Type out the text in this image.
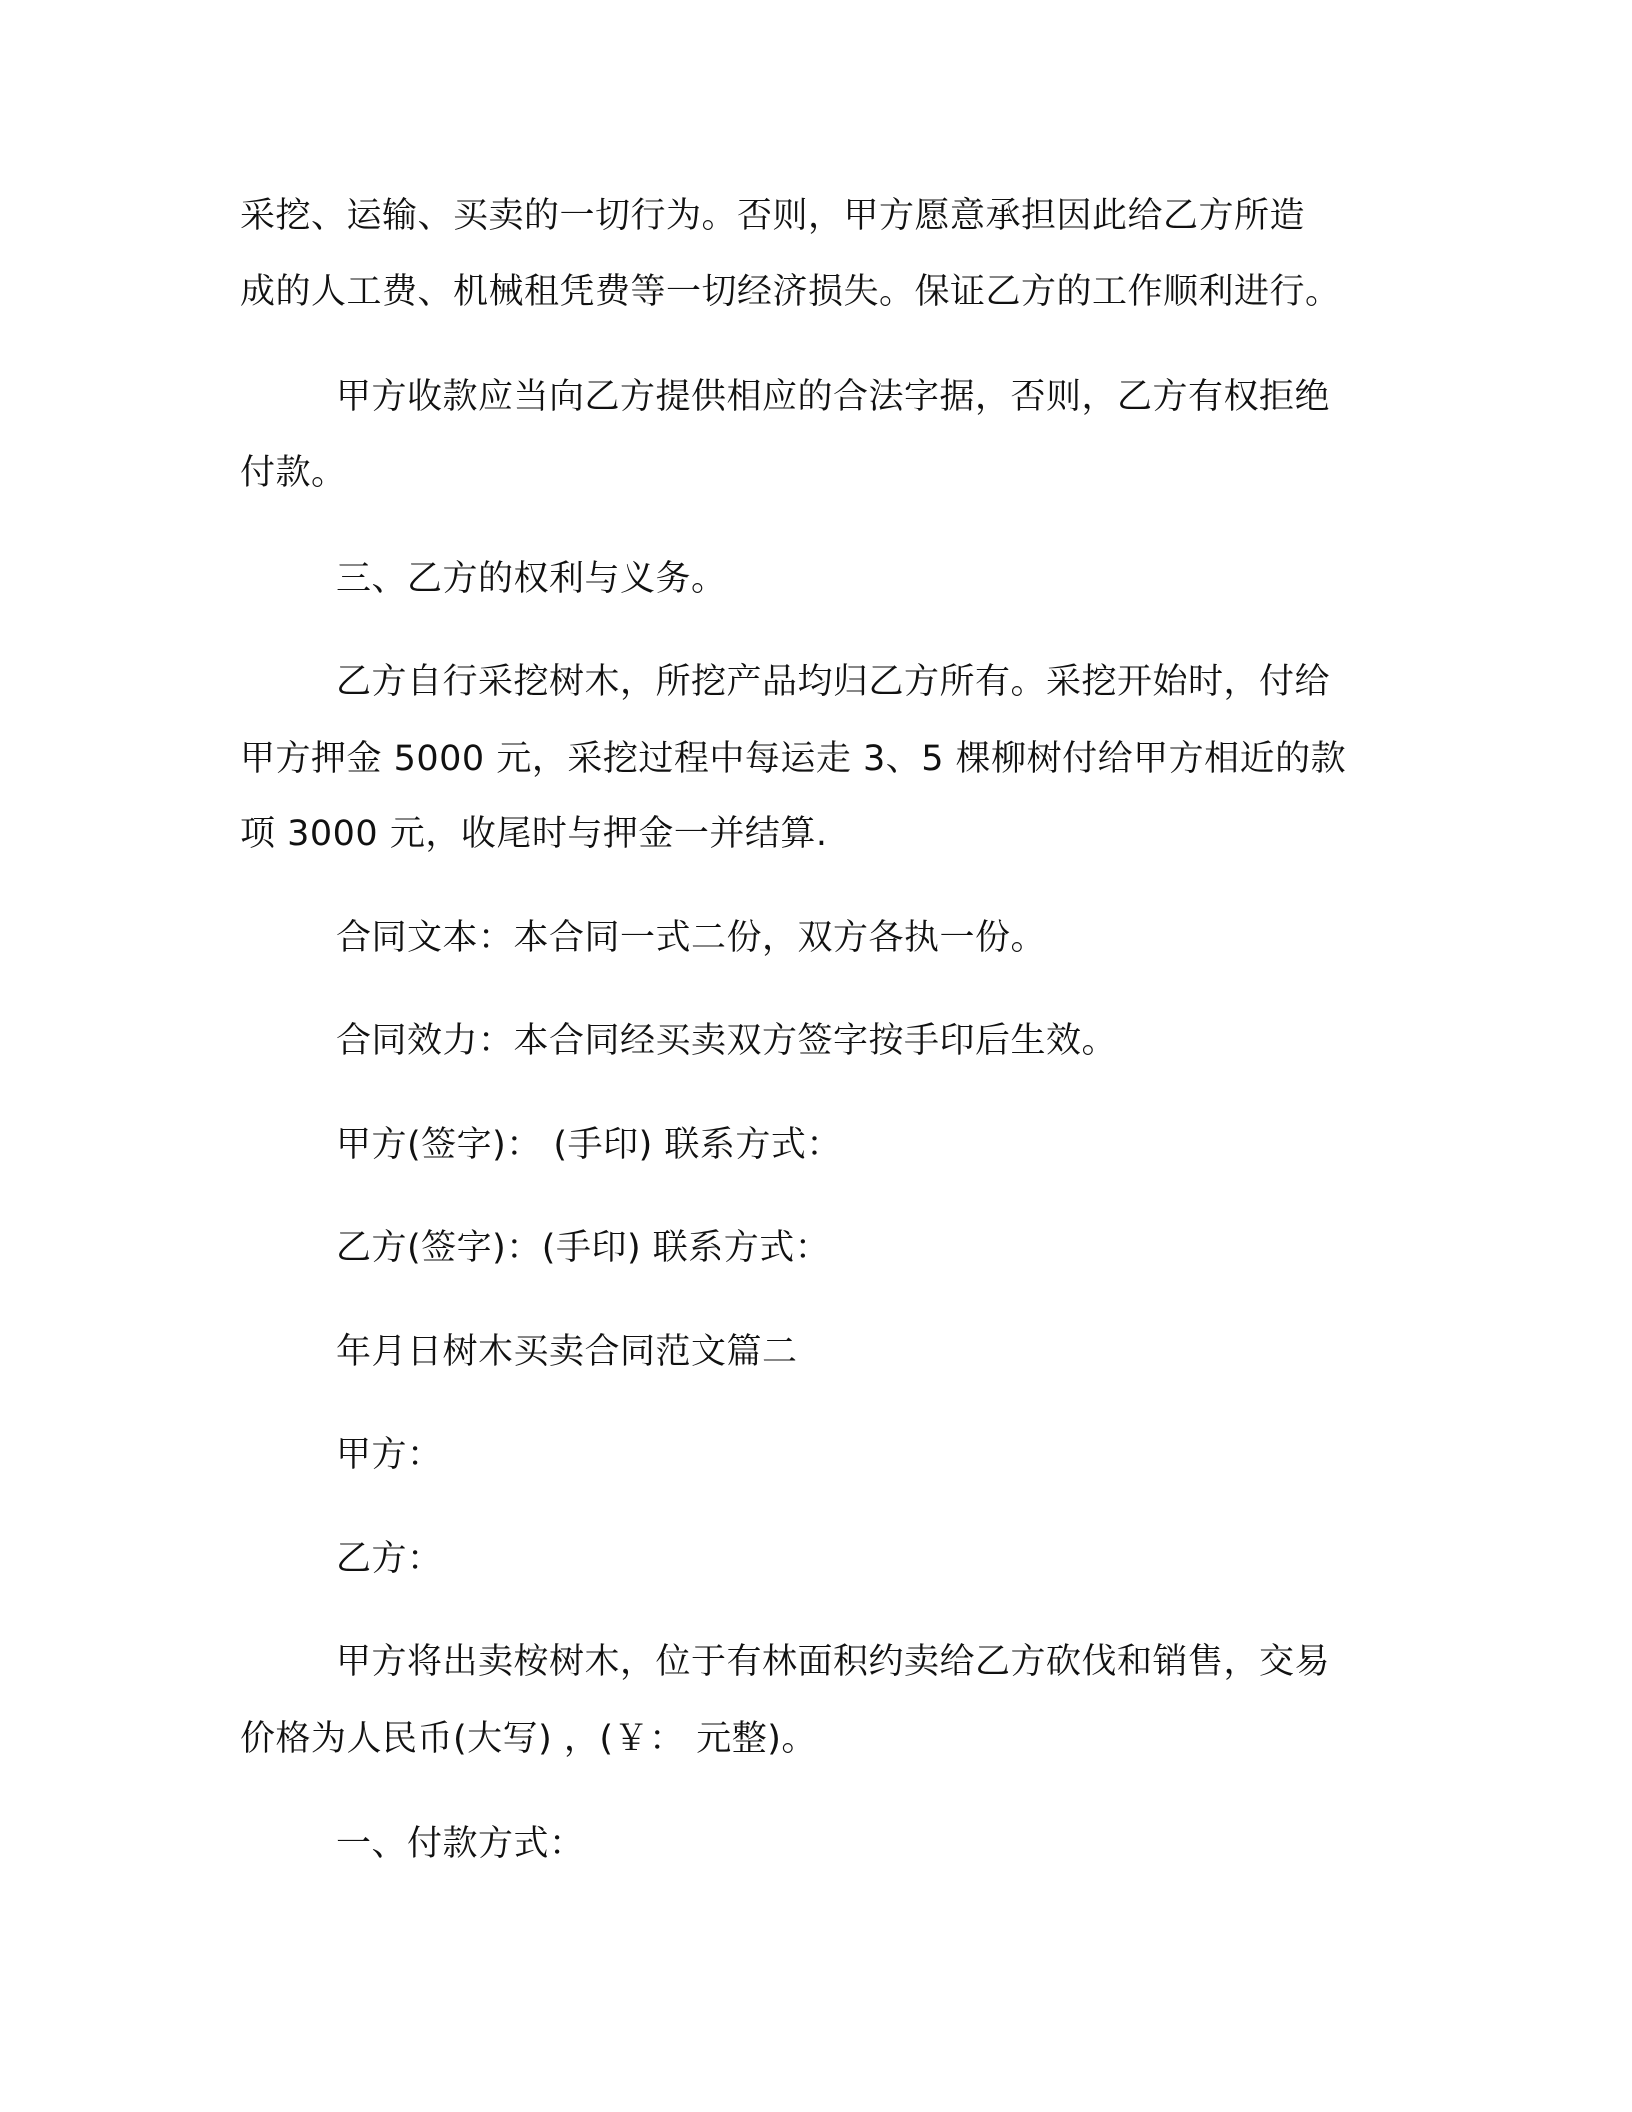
采挖、运输、买卖的一切行为。否则，甲方愿意承担因此给乙方所造
成的人工费、机械租凭费等一切经济损失。保证乙方的工作顺利进行。
甲方收款应当向乙方提供相应的合法字据，否则，乙方有权拒绝
付款。
三、乙方的权利与义务。
乙方自行采挖树木，所挖产品均归乙方所有。采挖开始时，付给
甲方押金 5000 元，采挖过程中每运走 3、5 棵柳树付给甲方相近的款
项 3000 元，收尾时与押金一并结算.
合同文本：本合同一式二份，双方各执一份。
合同效力：本合同经买卖双方签字按手印后生效。
甲方(签字)： (手印) 联系方式：
乙方(签字)：(手印) 联系方式：
年月日树木买卖合同范文篇二
甲方：
乙方：
甲方将出卖桉树木，位于有林面积约卖给乙方砍伐和销售，交易
价格为人民币(大写) ，(￥： 元整)。
一、付款方式：
